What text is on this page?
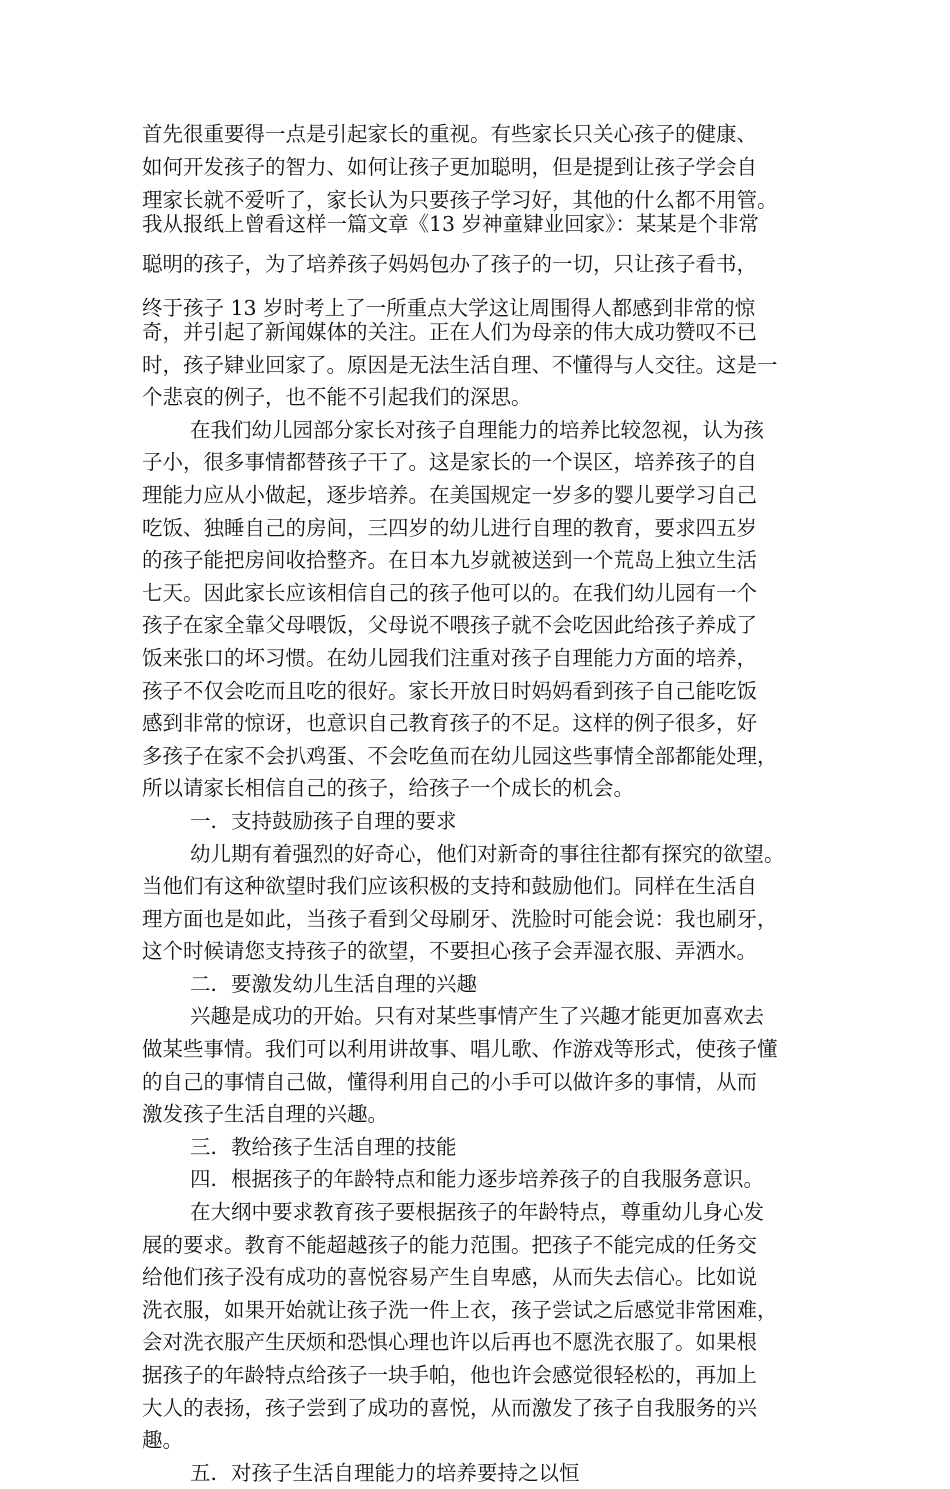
首先很重要得一点是引起家长的重视。有些家长只关心孩子的健康、
如何开发孩子的智力、如何让孩子更加聪明，但是提到让孩子学会自
理家长就不爱听了，家长认为只要孩子学习好，其他的什么都不用管。
我从报纸上曾看这样一篇文章《13 岁神童肄业回家》：某某是个非常
聪明的孩子，为了培养孩子妈妈包办了孩子的一切，只让孩子看书，
终于孩子 13 岁时考上了一所重点大学这让周围得人都感到非常的惊
奇，并引起了新闻媒体的关注。正在人们为母亲的伟大成功赞叹不已
时，孩子肄业回家了。原因是无法生活自理、不懂得与人交往。这是一
个悲哀的例子，也不能不引起我们的深思。
在我们幼儿园部分家长对孩子自理能力的培养比较忽视，认为孩
子小，很多事情都替孩子干了。这是家长的一个误区，培养孩子的自
理能力应从小做起，逐步培养。在美国规定一岁多的婴儿要学习自己
吃饭、独睡自己的房间，三四岁的幼儿进行自理的教育，要求四五岁
的孩子能把房间收拾整齐。在日本九岁就被送到一个荒岛上独立生活
七天。因此家长应该相信自己的孩子他可以的。在我们幼儿园有一个
孩子在家全靠父母喂饭，父母说不喂孩子就不会吃因此给孩子养成了
饭来张口的坏习惯。在幼儿园我们注重对孩子自理能力方面的培养，
孩子不仅会吃而且吃的很好。家长开放日时妈妈看到孩子自己能吃饭
感到非常的惊讶，也意识自己教育孩子的不足。这样的例子很多，好
多孩子在家不会扒鸡蛋、不会吃鱼而在幼儿园这些事情全部都能处理，
所以请家长相信自己的孩子，给孩子一个成长的机会。
一．支持鼓励孩子自理的要求
幼儿期有着强烈的好奇心，他们对新奇的事往往都有探究的欲望。
当他们有这种欲望时我们应该积极的支持和鼓励他们。同样在生活自
理方面也是如此，当孩子看到父母刷牙、洗脸时可能会说：我也刷牙，
这个时候请您支持孩子的欲望，不要担心孩子会弄湿衣服、弄洒水。
二．要激发幼儿生活自理的兴趣
兴趣是成功的开始。只有对某些事情产生了兴趣才能更加喜欢去
做某些事情。我们可以利用讲故事、唱儿歌、作游戏等形式，使孩子懂
的自己的事情自己做，懂得利用自己的小手可以做许多的事情，从而
激发孩子生活自理的兴趣。
三．教给孩子生活自理的技能
四．根据孩子的年龄特点和能力逐步培养孩子的自我服务意识。
在大纲中要求教育孩子要根据孩子的年龄特点，尊重幼儿身心发
展的要求。教育不能超越孩子的能力范围。把孩子不能完成的任务交
给他们孩子没有成功的喜悦容易产生自卑感，从而失去信心。比如说
洗衣服，如果开始就让孩子洗一件上衣，孩子尝试之后感觉非常困难，
会对洗衣服产生厌烦和恐惧心理也许以后再也不愿洗衣服了。如果根
据孩子的年龄特点给孩子一块手帕，他也许会感觉很轻松的，再加上
大人的表扬，孩子尝到了成功的喜悦，从而激发了孩子自我服务的兴
趣。
五．对孩子生活自理能力的培养要持之以恒
